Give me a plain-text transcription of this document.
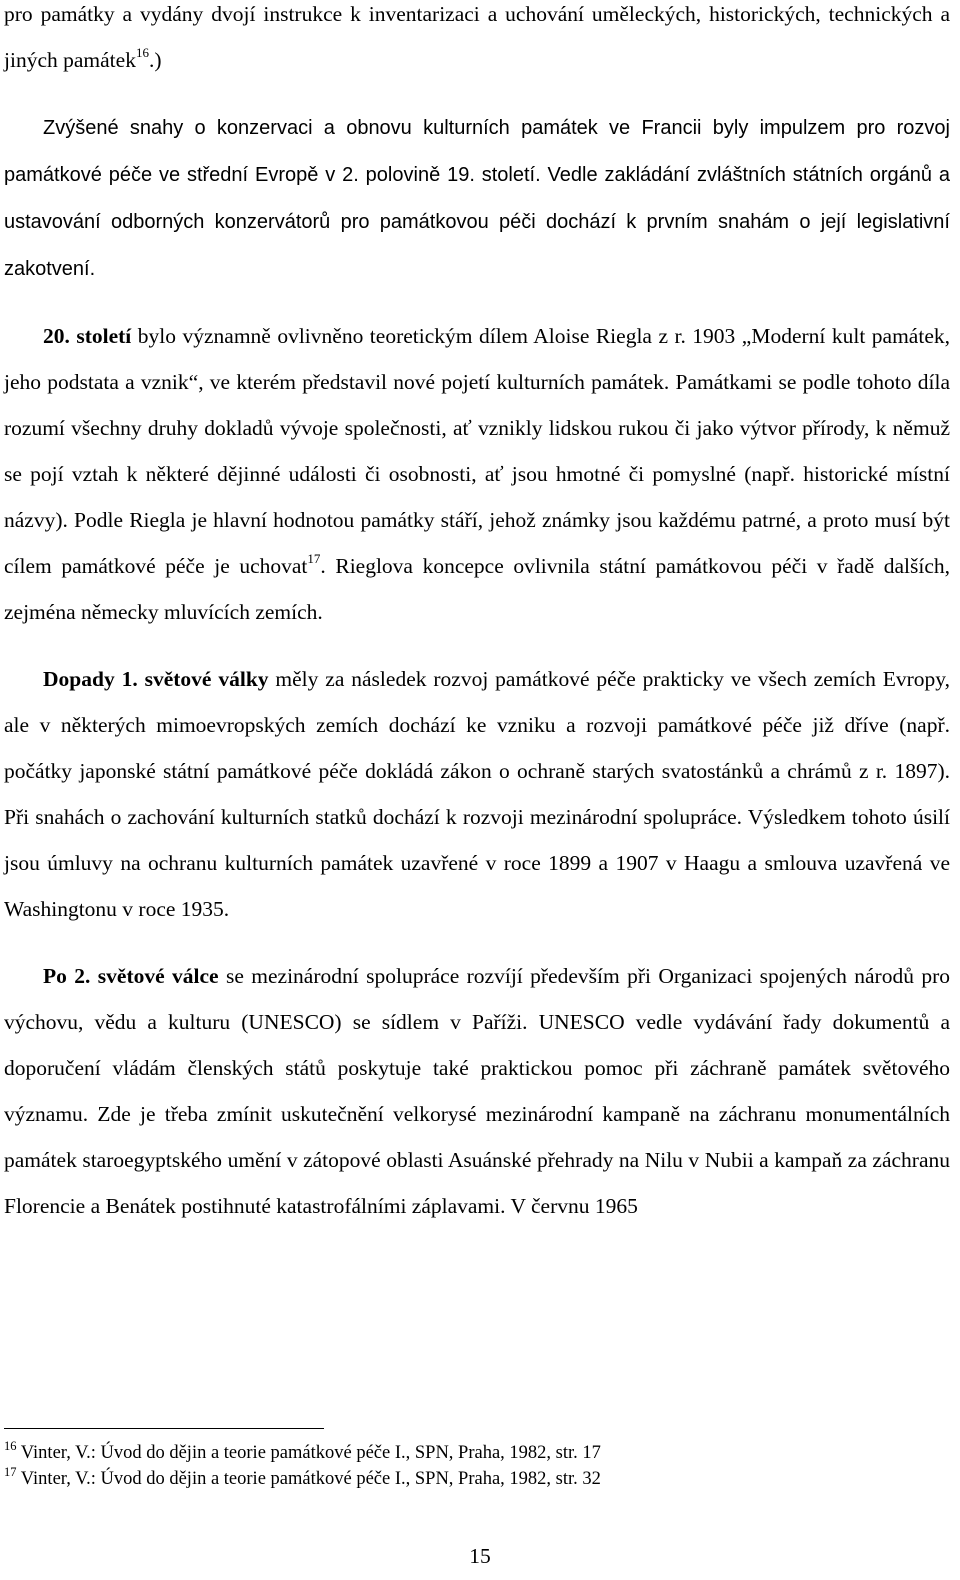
pro památky a vydány dvojí instrukce k inventarizaci a uchování uměleckých, historických, technických a jiných památek$^{16}$.)

Zvýšené snahy o konzervaci a obnovu kulturních památek ve Francii byly impulzem pro rozvoj památkové péče ve střední Evropě v 2. polovině 19. století. Vedle zakládání zvláštních státních orgánů a ustavování odborných konzervátorů pro památkovou péči dochází k prvním snahám o její legislativní zakotvení.

20. století bylo významně ovlivněno teoretickým dílem Aloise Riegla z r. 1903 „Moderní kult památek, jeho podstata a vznik“, ve kterém představil nové pojetí kulturních památek. Památkami se podle tohoto díla rozumí všechny druhy dokladů vývoje společnosti, ať vznikly lidskou rukou či jako výtvor přírody, k němuž se pojí vztah k některé dějinné události či osobnosti, ať jsou hmotné či pomyslné (např. historické místní názvy). Podle Riegla je hlavní hodnotou památky stáří, jehož známky jsou každému patrné, a proto musí být cílem památkové péče je uchovat$^{17}$. Rieglova koncepce ovlivnila státní památkovou péči v řadě dalších, zejména německy mluvících zemích.

Dopady 1. světové války měly za následek rozvoj památkové péče prakticky ve všech zemích Evropy, ale v některých mimoevropských zemích dochází ke vzniku a rozvoji památkové péče již dříve (např. počátky japonské státní památkové péče dokládá zákon o ochraně starých svatostánků a chrámů z r. 1897). Při snahách o zachování kulturních statků dochází k rozvoji mezinárodní spolupráce. Výsledkem tohoto úsilí jsou úmluvy na ochranu kulturních památek uzavřené v roce 1899 a 1907 v Haagu a smlouva uzavřená ve Washingtonu v roce 1935.

Po 2. světové válce se mezinárodní spolupráce rozvíjí především při Organizaci spojených národů pro výchovu, vědu a kulturu (UNESCO) se sídlem v Paříži. UNESCO vedle vydávání řady dokumentů a doporučení vládám členských států poskytuje také praktickou pomoc při záchraně památek světového významu. Zde je třeba zmínit uskutečnění velkorysé mezinárodní kampaně na záchranu monumentálních památek staroegyptského umění v zátopové oblasti Asuánské přehrady na Nilu v Nubii a kampaň za záchranu Florencie a Benátek postihnuté katastrofálními záplavami. V červnu 1965

$^{16}$ Vinter, V.: Úvod do dějin a teorie památkové péče I., SPN, Praha, 1982, str. 17
$^{17}$ Vinter, V.: Úvod do dějin a teorie památkové péče I., SPN, Praha, 1982, str. 32
15
